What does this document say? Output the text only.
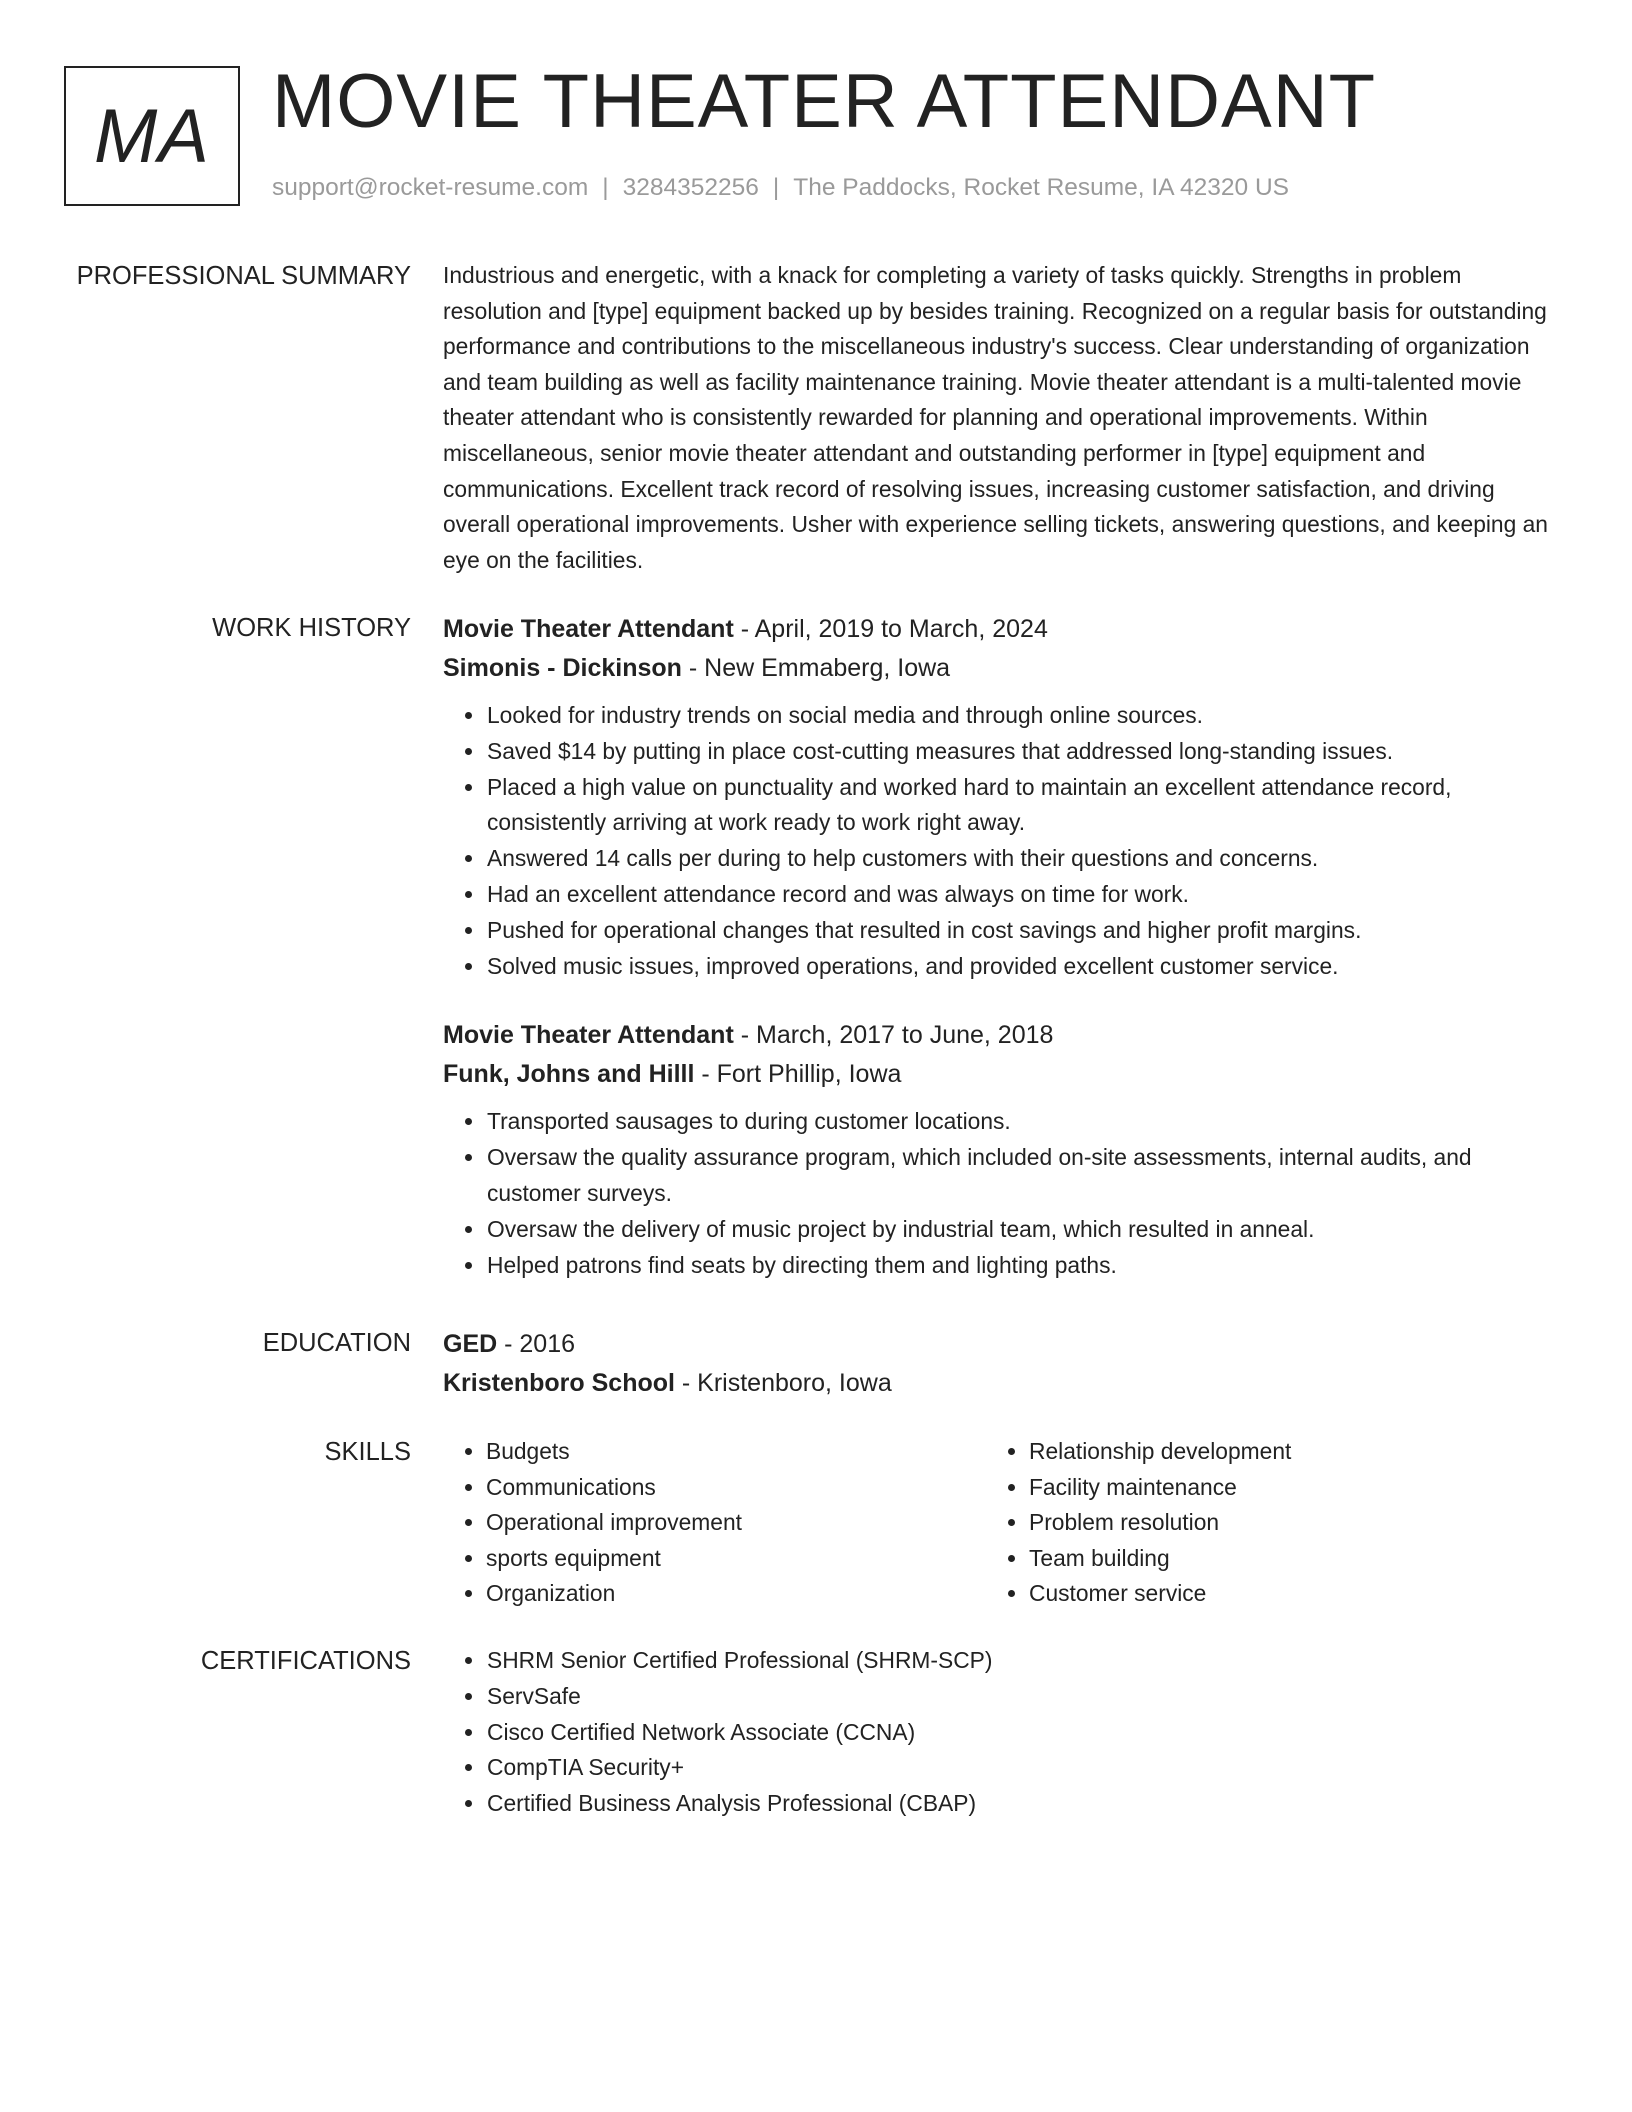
MA MOVIE THEATER ATTENDANT
support@rocket-resume.com | 3284352256 | The Paddocks, Rocket Resume, IA 42320 US
PROFESSIONAL SUMMARY Industrious and energetic, with a knack for completing a variety of tasks quickly. Strengths in problem resolution and [type] equipment backed up by besides training. Recognized on a regular basis for outstanding performance and contributions to the miscellaneous industry's success. Clear understanding of organization and team building as well as facility maintenance training. Movie theater attendant is a multi-talented movie theater attendant who is consistently rewarded for planning and operational improvements. Within miscellaneous, senior movie theater attendant and outstanding performer in [type] equipment and communications. Excellent track record of resolving issues, increasing customer satisfaction, and driving overall operational improvements. Usher with experience selling tickets, answering questions, and keeping an eye on the facilities.

WORK HISTORY Movie Theater Attendant - April, 2019 to March, 2024
Simonis - Dickinson - New Emmaberg, Iowa
• Looked for industry trends on social media and through online sources.
• Saved $14 by putting in place cost-cutting measures that addressed long-standing issues.
• Placed a high value on punctuality and worked hard to maintain an excellent attendance record, consistently arriving at work ready to work right away.
• Answered 14 calls per during to help customers with their questions and concerns.
• Had an excellent attendance record and was always on time for work.
• Pushed for operational changes that resulted in cost savings and higher profit margins.
• Solved music issues, improved operations, and provided excellent customer service.
Movie Theater Attendant - March, 2017 to June, 2018
Funk, Johns and Hilll - Fort Phillip, Iowa
• Transported sausages to during customer locations.
• Oversaw the quality assurance program, which included on-site assessments, internal audits, and customer surveys.
• Oversaw the delivery of music project by industrial team, which resulted in anneal.
• Helped patrons find seats by directing them and lighting paths.
EDUCATION GED - 2016
Kristenboro School - Kristenboro, Iowa
SKILLS	• Budgets
• Communications
• Operational improvement
• sports equipment
• Organization
• Relationship development
• Facility maintenance
• Problem resolution
• Team building
• Customer service
CERTIFICATIONS	• SHRM Senior Certified Professional (SHRM-SCP)
• ServSafe
• Cisco Certified Network Associate (CCNA)
• CompTIA Security+
• Certified Business Analysis Professional (CBAP)
